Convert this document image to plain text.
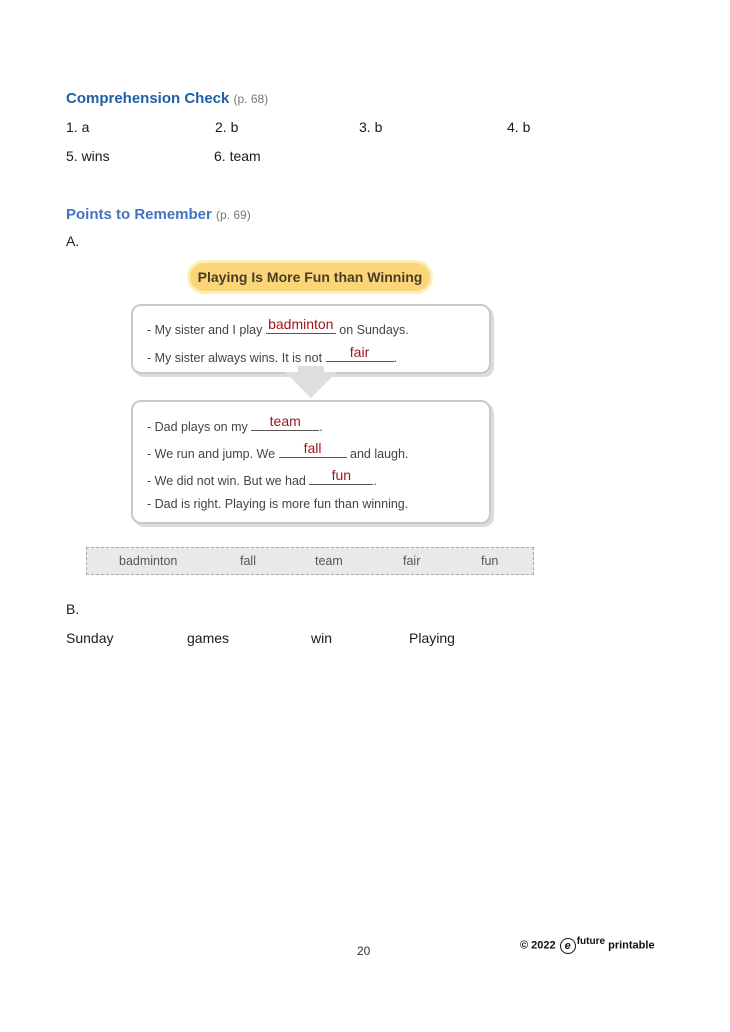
Comprehension Check (p. 68)
1. a	2. b	3. b	4. b
5. wins	6. team
Points to Remember (p. 69)
A.
Playing Is More Fun than Winning
- My sister and I play badminton on Sundays.
- My sister always wins. It is not	fair	.
- Dad plays on my	team	.
- We run and jump. We	fall	and laugh.
- We did not win. But we had	fun	.
- Dad is right. Playing is more fun than winning.
badminton	fall	team	fair	fun
B.
Sunday	games	win	Playing
20	© 2022 e $^{future}$ printable
